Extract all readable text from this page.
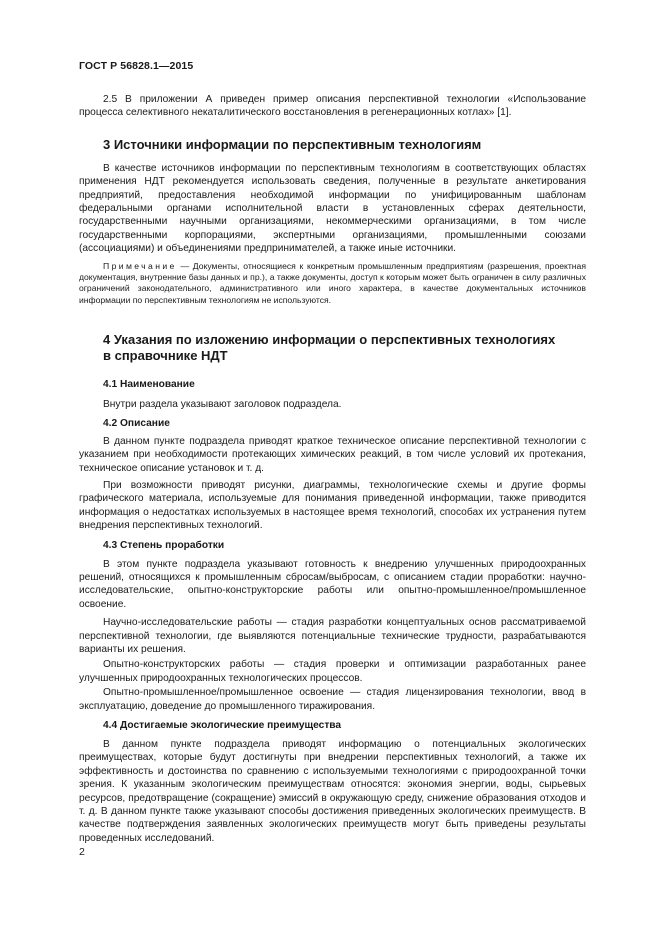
ГОСТ Р 56828.1—2015

2.5 В приложении А приведен пример описания перспективной технологии «Использование процесса селективного некаталитического восстановления в регенерационных котлах» [1].

3 Источники информации по перспективным технологиям

В качестве источников информации по перспективным технологиям в соответствующих областях применения НДТ рекомендуется использовать сведения, полученные в результате анкетирования предприятий, предоставления необходимой информации по унифицированным шаблонам федеральными органами исполнительной власти в установленных сферах деятельности, государственными научными организациями, некоммерческими организациями, в том числе государственными корпорациями, экспертными организациями, промышленными союзами (ассоциациями) и объединениями предпринимателей, а также иные источники.

Примечание — Документы, относящиеся к конкретным промышленным предприятиям (разрешения, проектная документация, внутренние базы данных и пр.), а также документы, доступ к которым может быть ограничен в силу различных ограничений законодательного, административного или иного характера, в качестве документальных источников информации по перспективным технологиям не используются.

4 Указания по изложению информации о перспективных технологиях в справочнике НДТ
4.1 Наименование

Внутри раздела указывают заголовок подраздела.

4.2 Описание

В данном пункте подраздела приводят краткое техническое описание перспективной технологии с указанием при необходимости протекающих химических реакций, в том числе условий их протекания, техническое описание установок и т. д.

При возможности приводят рисунки, диаграммы, технологические схемы и другие формы графического материала, используемые для понимания приведенной информации, также приводится информация о недостатках используемых в настоящее время технологий, способах их устранения путем внедрения перспективных технологий.

4.3 Степень проработки

В этом пункте подраздела указывают готовность к внедрению улучшенных природоохранных решений, относящихся к промышленным сбросам/выбросам, с описанием стадии проработки: научно-исследовательские, опытно-конструкторские работы или опытно-промышленное/промышленное освоение.

Научно-исследовательские работы — стадия разработки концептуальных основ рассматриваемой перспективной технологии, где выявляются потенциальные технические трудности, разрабатываются варианты их решения.

Опытно-конструкторских работы — стадия проверки и оптимизации разработанных ранее улучшенных природоохранных технологических процессов.

Опытно-промышленное/промышленное освоение — стадия лицензирования технологии, ввод в эксплуатацию, доведение до промышленного тиражирования.

4.4 Достигаемые экологические преимущества

В данном пункте подраздела приводят информацию о потенциальных экологических преимуществах, которые будут достигнуты при внедрении перспективных технологий, а также их эффективность и достоинства по сравнению с используемыми технологиями с природоохранной точки зрения. К указанным экологическим преимуществам относятся: экономия энергии, воды, сырьевых ресурсов, предотвращение (сокращение) эмиссий в окружающую среду, снижение образования отходов и т. д. В данном пункте также указывают способы достижения приведенных экологических преимуществ. В качестве подтверждения заявленных экологических преимуществ могут быть приведены результаты проведенных исследований.

2
